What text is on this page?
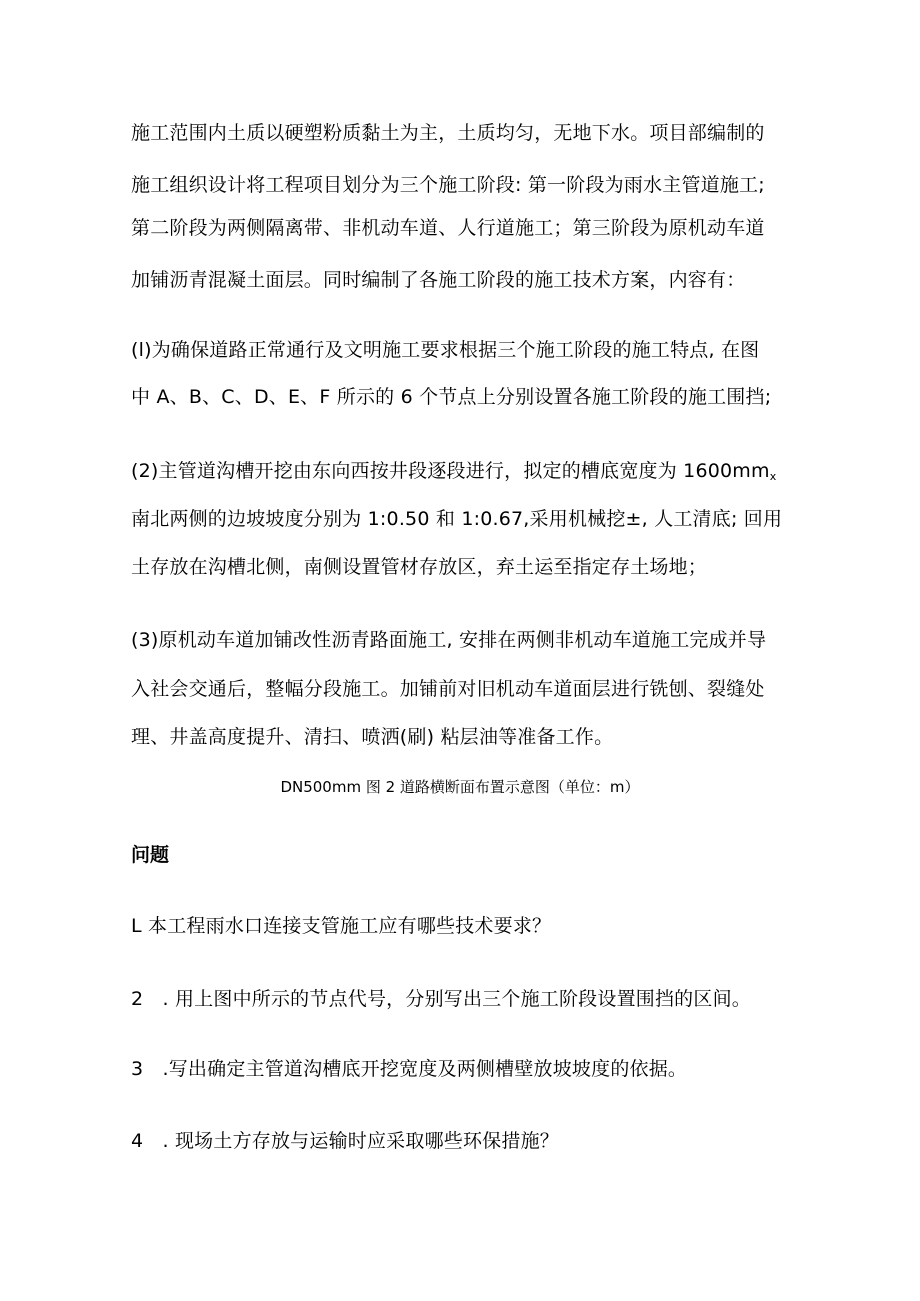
施工范围内土质以硬塑粉质黏土为主，土质均匀，无地下水。项目部编制的
施工组织设计将工程项目划分为三个施工阶段: 第一阶段为雨水主管道施工;
第二阶段为两侧隔离带、非机动车道、人行道施工；第三阶段为原机动车道
加铺沥青混凝土面层。同时编制了各施工阶段的施工技术方案，内容有：
(l)为确保道路正常通行及文明施工要求根据三个施工阶段的施工特点, 在图
中 A、B、C、D、E、F 所示的 6 个节点上分别设置各施工阶段的施工围挡;
(2)主管道沟槽开挖由东向西按井段逐段进行，拟定的槽底宽度为 $1600mm_x$
南北两侧的边坡坡度分别为 1:0.50 和 1:0.67,采用机械挖±, 人工清底; 回用
土存放在沟槽北侧，南侧设置管材存放区，弃土运至指定存土场地；
(3)原机动车道加铺改性沥青路面施工, 安排在两侧非机动车道施工完成并导
入社会交通后，整幅分段施工。加铺前对旧机动车道面层进行铣刨、裂缝处
理、井盖高度提升、清扫、喷洒(刷) 粘层油等准备工作。
DN500mm 图 2 道路横断面布置示意图（单位：m）
问题
L 本工程雨水口连接支管施工应有哪些技术要求？
2　. 用上图中所示的节点代号，分别写出三个施工阶段设置围挡的区间。
3　.写出确定主管道沟槽底开挖宽度及两侧槽壁放坡坡度的依据。
4　. 现场土方存放与运输时应采取哪些环保措施？
